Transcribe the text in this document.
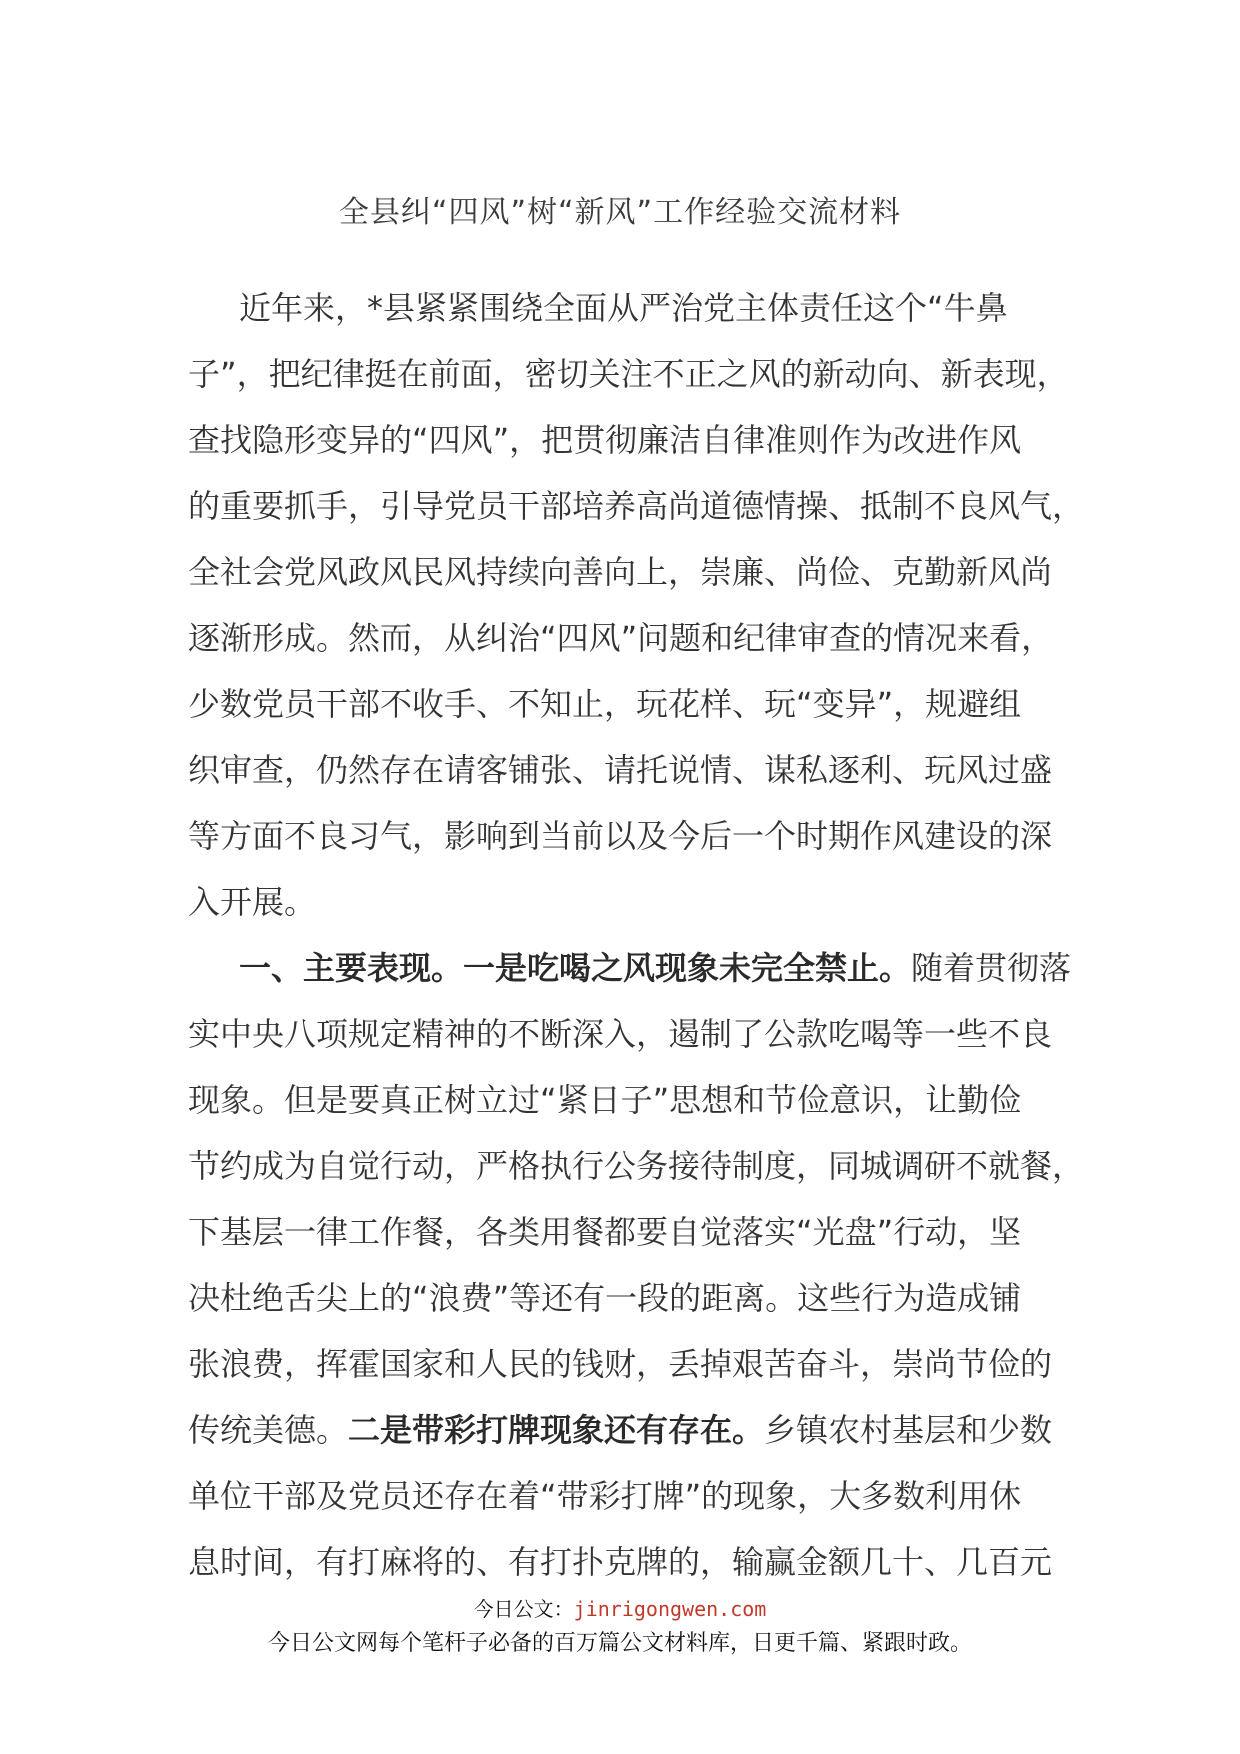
全县纠“四风”树“新风”工作经验交流材料
近年来，*县紧紧围绕全面从严治党主体责任这个“牛鼻
子”，把纪律挺在前面，密切关注不正之风的新动向、新表现，
查找隐形变异的“四风”，把贯彻廉洁自律准则作为改进作风
的重要抓手，引导党员干部培养高尚道德情操、抵制不良风气，
全社会党风政风民风持续向善向上，崇廉、尚俭、克勤新风尚
逐渐形成。然而，从纠治“四风”问题和纪律审查的情况来看，
少数党员干部不收手、不知止，玩花样、玩“变异”，规避组
织审查，仍然存在请客铺张、请托说情、谋私逐利、玩风过盛
等方面不良习气，影响到当前以及今后一个时期作风建设的深
入开展。
一、主要表现。一是吃喝之风现象未完全禁止。随着贯彻落
实中央八项规定精神的不断深入，遏制了公款吃喝等一些不良
现象。但是要真正树立过“紧日子”思想和节俭意识，让勤俭
节约成为自觉行动，严格执行公务接待制度，同城调研不就餐，
下基层一律工作餐，各类用餐都要自觉落实“光盘”行动，坚
决杜绝舌尖上的“浪费”等还有一段的距离。这些行为造成铺
张浪费，挥霍国家和人民的钱财，丢掉艰苦奋斗，崇尚节俭的
传统美德。二是带彩打牌现象还有存在。乡镇农村基层和少数
单位干部及党员还存在着“带彩打牌”的现象，大多数利用休
息时间，有打麻将的、有打扑克牌的，输赢金额几十、几百元
今日公文：jinrigongwen.com
今日公文网每个笔杆子必备的百万篇公文材料库，日更千篇、紧跟时政。
